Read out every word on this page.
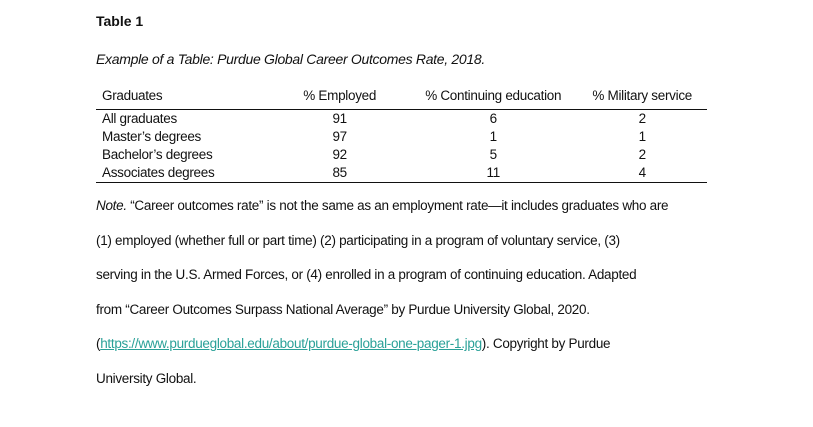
Table 1
Example of a Table: Purdue Global Career Outcomes Rate, 2018.
Graduates	% Employed	% Continuing education	% Military service
All graduates	91	6	2
Master’s degrees	97	1	1
Bachelor’s degrees	92	5	2
Associates degrees	85	11	4
Note. “Career outcomes rate” is not the same as an employment rate—it includes graduates who are
(1) employed (whether full or part time) (2) participating in a program of voluntary service, (3)
serving in the U.S. Armed Forces, or (4) enrolled in a program of continuing education. Adapted
from “Career Outcomes Surpass National Average” by Purdue University Global, 2020.
(https://www.purdueglobal.edu/about/purdue-global-one-pager-1.jpg). Copyright by Purdue
University Global.
